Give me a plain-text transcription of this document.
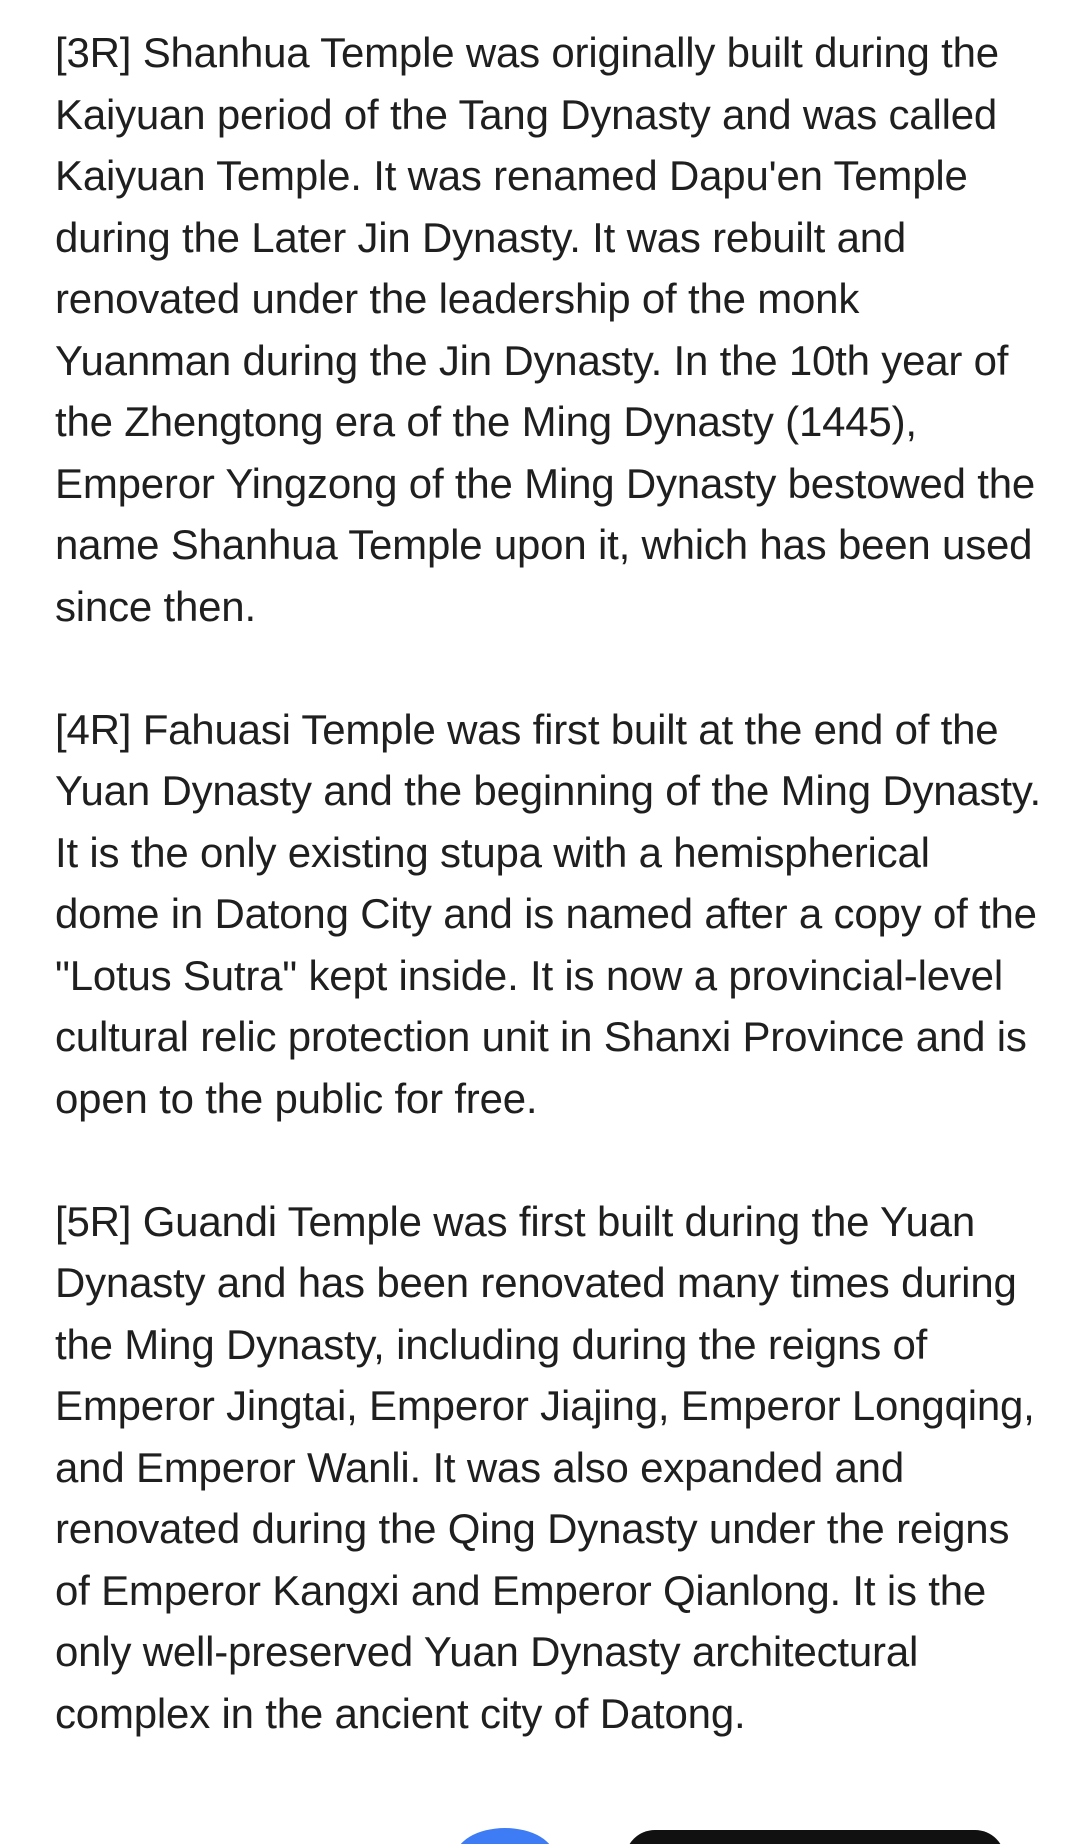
[3R] Shanhua Temple was originally built during the Kaiyuan period of the Tang Dynasty and was called Kaiyuan Temple. It was renamed Dapu'en Temple during the Later Jin Dynasty. It was rebuilt and renovated under the leadership of the monk Yuanman during the Jin Dynasty. In the 10th year of the Zhengtong era of the Ming Dynasty (1445), Emperor Yingzong of the Ming Dynasty bestowed the name Shanhua Temple upon it, which has been used since then.

[4R] Fahuasi Temple was first built at the end of the Yuan Dynasty and the beginning of the Ming Dynasty. It is the only existing stupa with a hemispherical dome in Datong City and is named after a copy of the "Lotus Sutra" kept inside. It is now a provincial-level cultural relic protection unit in Shanxi Province and is open to the public for free.

[5R] Guandi Temple was first built during the Yuan Dynasty and has been renovated many times during the Ming Dynasty, including during the reigns of Emperor Jingtai, Emperor Jiajing, Emperor Longqing, and Emperor Wanli. It was also expanded and renovated during the Qing Dynasty under the reigns of Emperor Kangxi and Emperor Qianlong. It is the only well-preserved Yuan Dynasty architectural complex in the ancient city of Datong.
